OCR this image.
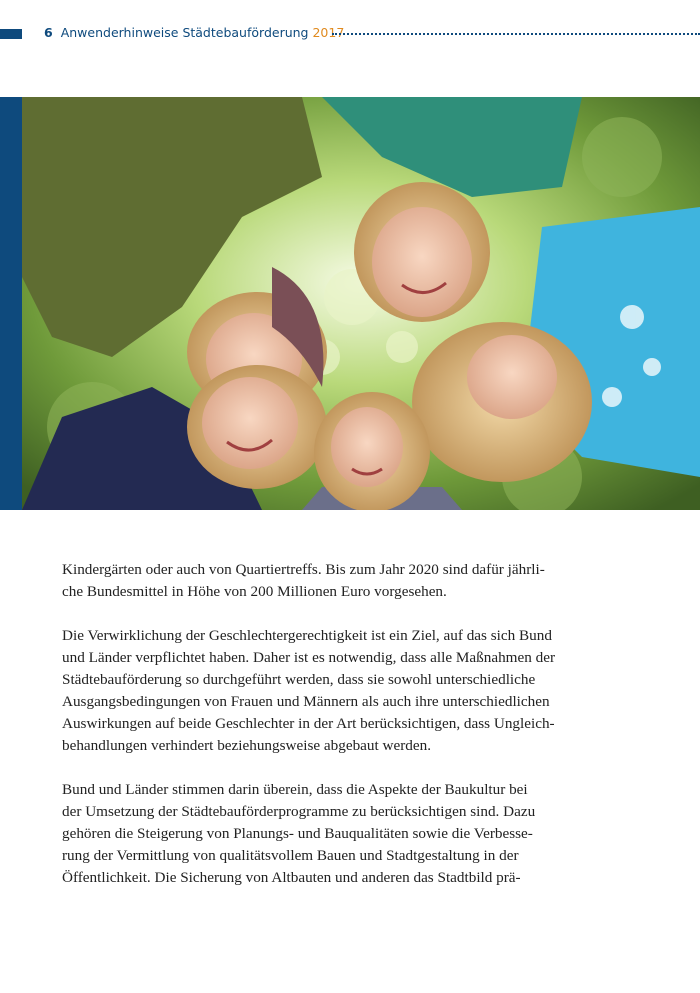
6 Anwenderhinweise Städtebauförderung 2017

Kindergärten oder auch von Quartiertreffs. Bis zum Jahr 2020 sind dafür jährli-
che Bundesmittel in Höhe von 200 Millionen Euro vorgesehen.

Die Verwirklichung der Geschlechtergerechtigkeit ist ein Ziel, auf das sich Bund
und Länder verpflichtet haben. Daher ist es notwendig, dass alle Maßnahmen der
Städtebauförderung so durchgeführt werden, dass sie sowohl unterschiedliche
Ausgangsbedingungen von Frauen und Männern als auch ihre unterschiedlichen
Auswirkungen auf beide Geschlechter in der Art berücksichtigen, dass Ungleich-
behandlungen verhindert beziehungsweise abgebaut werden.

Bund und Länder stimmen darin überein, dass die Aspekte der Baukultur bei
der Umsetzung der Städtebauförderprogramme zu berücksichtigen sind. Dazu
gehören die Steigerung von Planungs- und Bauqualitäten sowie die Verbesse-
rung der Vermittlung von qualitätsvollem Bauen und Stadtgestaltung in der
Öffentlichkeit. Die Sicherung von Altbauten und anderen das Stadtbild prä-
